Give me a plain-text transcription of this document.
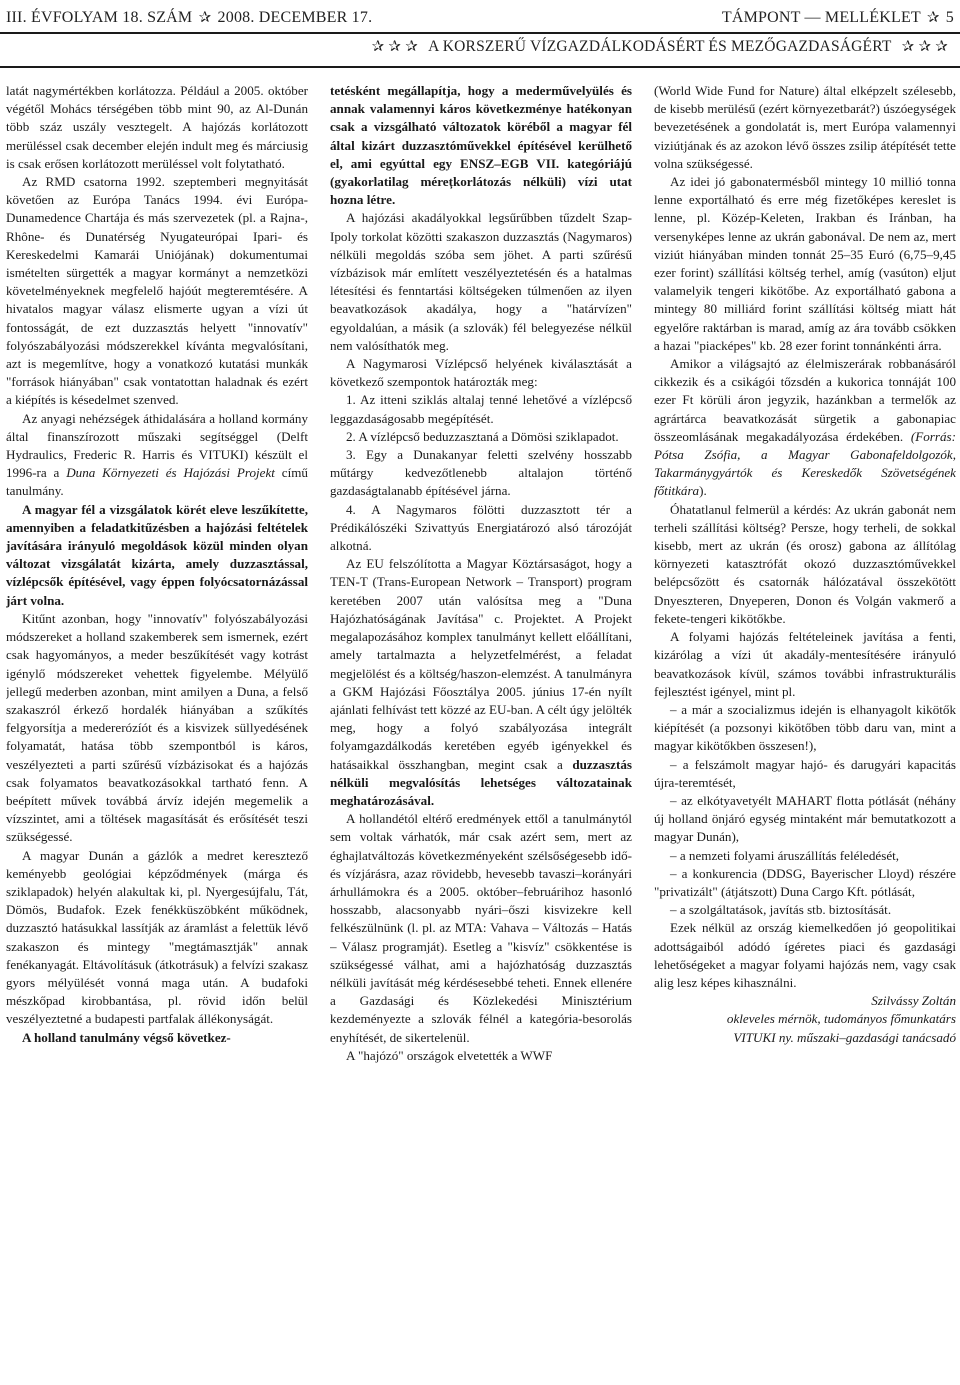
III. ÉVFOLYAM 18. SZÁM ✰ 2008. DECEMBER 17.	TÁMPONT — MELLÉKLET ✰ 5
✰ ✰ ✰ A KORSZERŰ VÍZGAZDÁLKODÁSÉRT ÉS MEZŐGAZDASÁGÉRT ✰ ✰ ✰

latát nagymértékben korlátozza. Például a 2005. október végétől Mohács térségében több mint 90, az Al-Dunán több száz uszály vesztegelt. A hajózás korlátozott merüléssel csak december elején indult meg és márciusig is csak erősen korlátozott merüléssel volt folytatható.

Az RMD csatorna 1992. szeptemberi megnyitását követően az Európa Tanács 1994. évi Európa-Dunamedence Chartája és más szervezetek (pl. a Rajna-, Rhône- és Dunatérség Nyugateurópai Ipari- és Kereskedelmi Kamarái Uniójának) dokumentumai ismételten sürgették a magyar kormányt a nemzetközi követelményeknek megfelelő hajóút megteremtésére. A hivatalos magyar válasz elismerte ugyan a vízi út fontosságát, de ezt duzzasztás helyett "innovatív" folyószabályozási módszerekkel kívánta megvalósítani, azt is megemlítve, hogy a vonatkozó kutatási munkák "források hiányában" csak vontatottan haladnak és ezért a kiépítés is késedelmet szenved.

Az anyagi nehézségek áthidalására a holland kormány által finanszírozott műszaki segítséggel (Delft Hydraulics, Frederic R. Harris és VITUKI) készült el 1996-ra a Duna Környezeti és Hajózási Projekt című tanulmány.

A magyar fél a vizsgálatok körét eleve leszűkítette, amennyiben a feladatkitűzésben a hajózási feltételek javítására irányuló megoldások közül minden olyan változat vizsgálatát kizárta, amely duzzasztással, vízlépcsők építésével, vagy éppen folyócsatornázással járt volna.

Kitűnt azonban, hogy "innovatív" folyószabályozási módszereket a holland szakemberek sem ismernek, ezért csak hagyományos, a meder beszűkítését vagy kotrást igénylő módszereket vehettek figyelembe. Mélyülő jellegű mederben azonban, mint amilyen a Duna, a felső szakaszról érkező hordalék hiányában a szűkítés felgyorsítja a medererózíót és a kisvizek süllyedésének folyamatát, hatása több szempontból is káros, veszélyezteti a parti szűrésű vízbázisokat és a hajózás csak folyamatos beavatkozásokkal tartható fenn. A beépített művek továbbá árvíz idején megemelik a vízszintet, ami a töltések magasítását és erősítését teszi szükségessé.

A magyar Dunán a gázlók a medret keresztező keményebb geológiai képződmények (márga és sziklapadok) helyén alakultak ki, pl. Nyergesújfalu, Tát, Dömös, Budafok. Ezek fenékküszöbként működnek, duzzasztó hatásukkal lassítják az áramlást a felettük lévő szakaszon és mintegy "megtámasztják" annak fenékanyagát. Eltávolításuk (átkotrásuk) a felvízi szakasz gyors mélyülését vonná maga után. A budafoki mészkőpad kirobbantása, pl. rövid időn belül veszélyeztetné a budapesti partfalak állékonyságát.

A holland tanulmány végső következ-

tetésként megállapítja, hogy a mederművelyülés és annak valamennyi káros következménye hatékonyan csak a vizsgálható változatok köréből a magyar fél által kizárt duzzasztóművekkel építésével kerülhető el, ami egyúttal egy ENSZ–EGB VII. kategóriájú (gyakorlatilag mérețkorlátozás nélküli) vízi utat hozna létre.

A hajózási akadályokkal legsűrűbben tűzdelt Szap-Ipoly torkolat közötti szakaszon duzzasztás (Nagymaros) nélküli megoldás szóba sem jöhet. A parti szűrésű vízbázisok már említett veszélyeztetésén és a hatalmas létesítési és fenntartási költségeken túlmenően az ilyen beavatkozások akadálya, hogy a "határvízen" egyoldalúan, a másik (a szlovák) fél belegyezése nélkül nem valósíthatók meg.

A Nagymarosi Vízlépcső helyének kiválasztását a következő szempontok határozták meg:

1. Az itteni sziklás altalaj tenné lehetővé a vízlépcső leggazdaságosabb megépítését.

2. A vízlépcső beduzzasztaná a Dömösi sziklapadot.

3. Egy a Dunakanyar feletti szelvény hosszabb műtárgy kedvezőtlenebb altalajon történő gazdaságtalanabb építésével járna.

4. A Nagymaros fölötti duzzasztott tér a Prédikálószéki Szivattyús Energiatározó alsó tározóját alkotná.

Az EU felszólította a Magyar Köztársaságot, hogy a TEN-T (Trans-European Network – Transport) program keretében 2007 után valósítsa meg a "Duna Hajózhatóságának Javítása" c. Projektet. A Projekt megalapozásához komplex tanulmányt kellett előállítani, amely tartalmazta a helyzetfelmérést, a feladat megjelölést és a költség/haszon-elemzést. A tanulmányra a GKM Hajózási Főosztálya 2005. június 17-én nyílt ajánlati felhívást tett közzé az EU-ban. A célt úgy jelölték meg, hogy a folyó szabályozása integrált folyamgazdálkodás keretében egyéb igényekkel és hatásaikkal összhangban, megint csak a duzzasztás nélküli megvalósítás lehetséges változatainak meghatározásával.

A hollandétól eltérő eredmények ettől a tanulmánytól sem voltak várhatók, már csak azért sem, mert az éghajlatváltozás következményeként szélsőségesebb idő- és vízjárásra, azaz rövidebb, hevesebb tavaszi–korányári árhullámokra és a 2005. október–februárihoz hasonló hosszabb, alacsonyabb nyári–őszi kisvizekre kell felkészülnünk (l. pl. az MTA: Vahava – Változás – Hatás – Válasz programját). Esetleg a "kisvíz" csökkentése is szükségessé válhat, ami a hajózhatóság duzzasztás nélküli javítását még kérdésesebbé teheti. Ennek ellenére a Gazdasági és Közlekedési Minisztérium kezdeményezte a szlovák félnél a kategória-besorolás enyhítését, de sikertelenül.

A "hajózó" országok elvetették a WWF

(World Wide Fund for Nature) által elképzelt szélesebb, de kisebb merülésű (ezért környezetbarát?) úszóegységek bevezetésének a gondolatát is, mert Európa valamennyi viziútjának és az azokon lévő összes zsilip átépítését tette volna szükségessé.

Az idei jó gabonatermésből mintegy 10 millió tonna lenne exportálható és erre még fizetőképes kereslet is lenne, pl. Közép-Keleten, Irakban és Iránban, ha versenyképes lenne az ukrán gabonával. De nem az, mert viziút hiányában minden tonnát 25–35 Euró (6,75–9,45 ezer forint) szállítási költség terhel, amíg (vasúton) eljut valamelyik tengeri kikötőbe. Az exportálható gabona a mintegy 80 milliárd forint szállítási költség miatt hát egyelőre raktárban is marad, amíg az ára tovább csökken a hazai "piacképes" kb. 28 ezer forint tonnánkénti árra.

Amikor a világsajtó az élelmiszerárak robbanásáról cikkezik és a csikágói tőzsdén a kukorica tonnáját 100 ezer Ft körüli áron jegyzik, hazánkban a termelők az agrártárca beavatkozását sürgetik a gabonapiac összeomlásának megakadályozása érdekében. (Forrás: Pótsa Zsófia, a Magyar Gabonafeldolgozók, Takarmánygyártók és Kereskedők Szövetségének főtitkára).

Óhatatlanul felmerül a kérdés: Az ukrán gabonát nem terheli szállítási költség? Persze, hogy terheli, de sokkal kisebb, mert az ukrán (és orosz) gabona az állítólag környezeti katasztrófát okozó duzzasztóművekkel belépcsőzött és csatornák hálózatával összekötött Dnyeszteren, Dnyeperen, Donon és Volgán vakmerő a fekete-tengeri kikötőkbe.

A folyami hajózás feltételeinek javítása a fenti, kizárólag a vízi út akadály-mentesítésére irányuló beavatkozások kívül, számos további infrastrukturális fejlesztést igényel, mint pl.

– a már a szocializmus idején is elhanyagolt kikötők kiépítését (a pozsonyi kikötőben több daru van, mint a magyar kikötőkben összesen!),

– a felszámolt magyar hajó- és darugyári kapacitás újra-teremtését,

– az elkótyavetyélt MAHART flotta pótlását (néhány új holland önjáró egység mintaként már bemutatkozott a magyar Dunán),

– a nemzeti folyami áruszállítás feléledését,

– a konkurencia (DDSG, Bayerischer Lloyd) részére "privatizált" (átjátszott) Duna Cargo Kft. pótlását,

– a szolgáltatások, javítás stb. biztosítását.

Ezek nélkül az ország kiemelkedően jó geopolitikai adottságaiból adódó ígéretes piaci és gazdasági lehetőségeket a magyar folyami hajózás nem, vagy csak alig lesz képes kihasználni.

Szilvássy Zoltán

okleveles mérnök, tudományos főmunkatárs

VITUKI ny. műszaki–gazdasági tanácsadó
